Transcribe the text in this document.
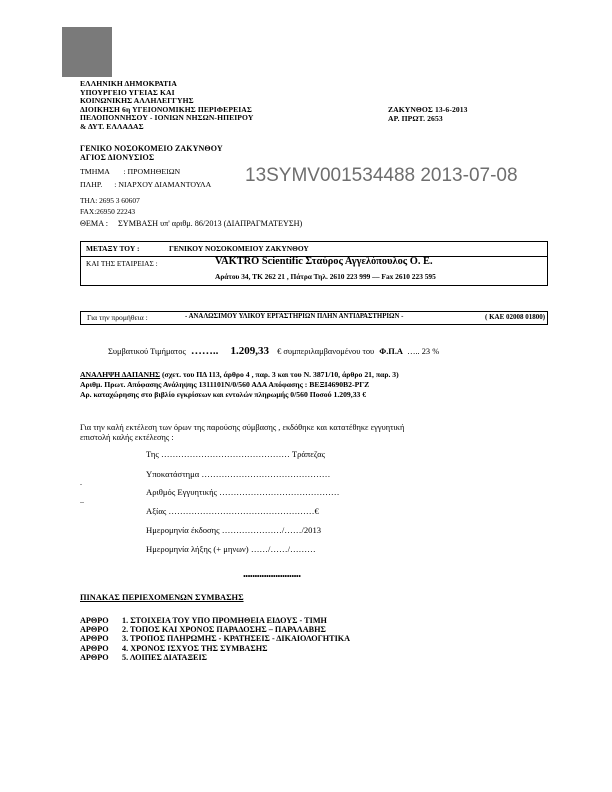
ΕΛΛΗΝΙΚΗ ΔΗΜΟΚΡΑΤΙΑ
ΥΠΟΥΡΓΕΙΟ ΥΓΕΙΑΣ ΚΑΙ
ΚΟΙΝΩΝΙΚΗΣ ΑΛΛΗΛΕΓΓΥΗΣ
ΔΙΟΙΚΗΣΗ 6η ΥΓΕΙΟΝΟΜΙΚΗΣ ΠΕΡΙΦΕΡΕΙΑΣ
ΠΕΛΟΠΟΝΝΗΣΟΥ - ΙΟΝΙΩΝ ΝΗΣΩΝ-ΗΠΕΙΡΟΥ
& ΔΥΤ. ΕΛΛΑΔΑΣ
ΖΑΚΥΝΘΟΣ 13-6-2013
ΑΡ. ΠΡΩΤ. 2653
ΓΕΝΙΚΟ ΝΟΣΟΚΟΜΕΙΟ ΖΑΚΥΝΘΟΥ
ΑΓΙΟΣ ΔΙΟΝΥΣΙΟΣ
ΤΜΗΜΑ : ΠΡΟΜΗΘΕΙΩΝ
ΠΛΗΡ. : ΝΙΑΡΧΟΥ ΔΙΑΜΑΝΤΟΥΛΑ
ΤΗΛ: 2695 3 60607
FAX:26950 22243
ΘΕΜΑ : ΣΥΜΒΑΣΗ υπ' αριθμ. 86/2013 (ΔΙΑΠΡΑΓΜΑΤΕΥΣΗ)
13SYMV001534488 2013-07-08
ΜΕΤΑΞΥ ΤΟΥ :	ΓΕΝΙΚΟΥ ΝΟΣΟΚΟΜΕΙΟΥ ΖΑΚΥΝΘΟΥ
ΚΑΙ ΤΗΣ ΕΤΑΙΡΕΙΑΣ :	VAKTRO Scientific Σταύρος Αγγελόπουλος Ο. Ε.
Αράτου 34, ΤΚ 262 21 , Πάτρα Τηλ. 2610 223 999 –– Fax 2610 223 595
Για την προμήθεια :	- ΑΝΑΛΩΣΙΜΟΥ ΥΛΙΚΟΥ ΕΡΓΑΣΤΗΡΙΩΝ ΠΛΗΝ ΑΝΤΙΔΡΑΣΤΗΡΙΩΝ -	( ΚΑΕ 02008 01800)
Συμβατικού Τιμήματος …….. 1.209,33 € συμπεριλαμβανομένου του Φ.Π.Α ….. 23 %
ΑΝΑΛΗΨΗ ΔΑΠΑΝΗΣ (σχετ. του ΠΔ 113, άρθρο 4 , παρ. 3 και του Ν. 3871/10, άρθρο 21, παρ. 3)
Αριθμ. Πρωτ. Απόφασης Ανάληψης 1311101Ν/0/560 ΑΔΑ Απόφασης : ΒΕΞΙ4690Β2-ΡΓΖ
Αρ. καταχώρησης στο βιβλίο εγκρίσεων και εντολών πληρωμής 0/560 Ποσού 1.209,33 €
Για την καλή εκτέλεση των όρων της παρούσης σύμβασης , εκδόθηκε και κατατέθηκε εγγυητική
επιστολή καλής εκτέλεσης :
Της ……………………………………… Τράπεζας
Υποκατάστημα ………………………………………
Αριθμός Εγγυητικής ……………………………………
Αξίας ……………………………………………€
Ημερομηνία έκδοσης …………………/……/2013
Ημερομηνία λήξης (+ μηνων) ……/……/………
.
..
•••••••••••••••••••••••••
ΠΙΝΑΚΑΣ ΠΕΡΙΕΧΟΜΕΝΩΝ ΣΥΜΒΑΣΗΣ
ΑΡΘΡΟ 1. ΣΤΟΙΧΕΙΑ ΤΟΥ ΥΠΟ ΠΡΟΜΗΘΕΙΑ ΕΙΔΟΥΣ - ΤΙΜΗ
ΑΡΘΡΟ 2. ΤΟΠΟΣ ΚΑΙ ΧΡΟΝΟΣ ΠΑΡΑΔΟΣΗΣ – ΠΑΡΑΛΑΒΗΣ
ΑΡΘΡΟ 3. ΤΡΟΠΟΣ ΠΛΗΡΩΜΗΣ - ΚΡΑΤΗΣΕΙΣ - ΔΙΚΑΙΟΛΟΓΗΤΙΚΑ
ΑΡΘΡΟ 4. ΧΡΟΝΟΣ ΙΣΧΥΟΣ ΤΗΣ ΣΥΜΒΑΣΗΣ
ΑΡΘΡΟ 5. ΛΟΙΠΕΣ ΔΙΑΤΑΞΕΙΣ
